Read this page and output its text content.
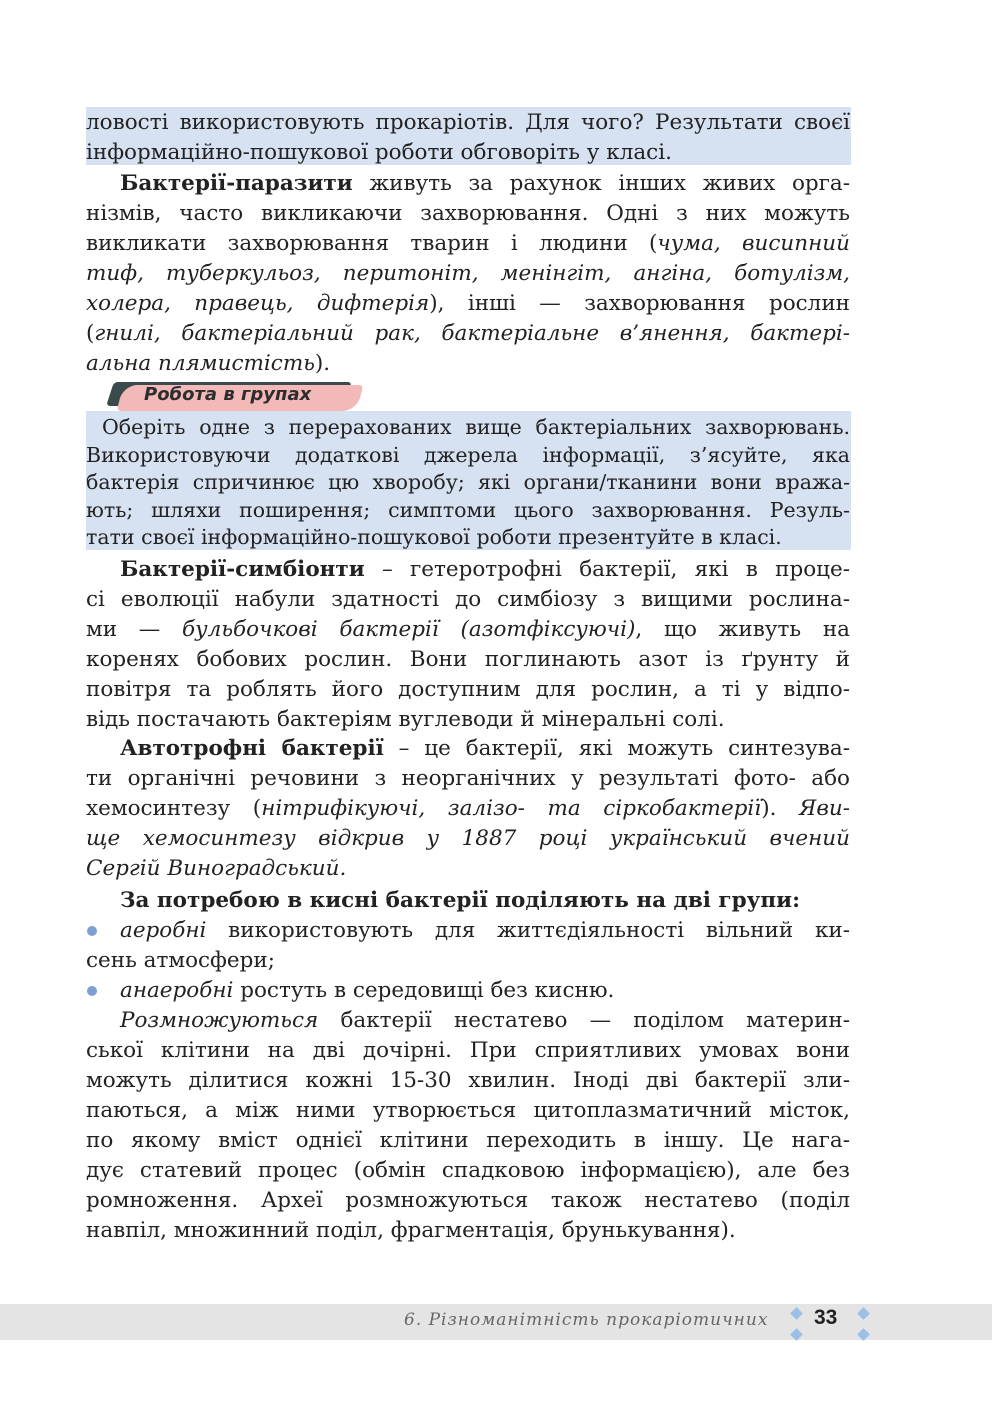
ловості використовують прокаріотів. Для чого? Результати своєї
інформаційно-пошукової роботи обговоріть у класі.
Бактерії-паразити живуть за рахунок інших живих орга-
нізмів, часто викликаючи захворювання. Одні з них можуть
викликати захворювання тварин і людини (чума, висипний
тиф, туберкульоз, перитоніт, менінгіт, ангіна, ботулізм,
холера, правець, дифтерія), інші — захворювання рослин
(гнилі, бактеріальний рак, бактеріальне в’янення, бактері-
альна плямистість).
Робота в групах
Оберіть одне з перерахованих вище бактеріальних захворювань.
Використовуючи додаткові джерела інформації, з’ясуйте, яка
бактерія спричинює цю хворобу; які органи/тканини вони вража-
ють; шляхи поширення; симптоми цього захворювання. Резуль-
тати своєї інформаційно-пошукової роботи презентуйте в класі.
Бактерії-симбіонти – гетеротрофні бактерії, які в проце-
сі еволюції набули здатності до симбіозу з вищими рослина-
ми — бульбочкові бактерії (азотфіксуючі), що живуть на
коренях бобових рослин. Вони поглинають азот із ґрунту й
повітря та роблять його доступним для рослин, а ті у відпо-
відь постачають бактеріям вуглеводи й мінеральні солі.
Автотрофні бактерії – це бактерії, які можуть синтезува-
ти органічні речовини з неорганічних у результаті фото- або
хемосинтезу (нітрифікуючі, залізо- та сіркобактерії). Яви-
ще хемосинтезу відкрив у 1887 році український вчений
Сергій Виноградський.
За потребою в кисні бактерії поділяють на дві групи:
аеробні використовують для життєдіяльності вільний ки-
сень атмосфери;
анаеробні ростуть в середовищі без кисню.
Розмножуються бактерії нестатево — поділом материн-
ської клітини на дві дочірні. При сприятливих умовах вони
можуть ділитися кожні 15-30 хвилин. Іноді дві бактерії зли-
паються, а між ними утворюється цитоплазматичний місток,
по якому вміст однієї клітини переходить в іншу. Це нага-
дує статевий процес (обмін спадковою інформацією), але без
ромноження. Археї розмножуються також нестатево (поділ
навпіл, множинний поділ, фрагментація, брунькування).
6. Різноманітність прокаріотичних 33
